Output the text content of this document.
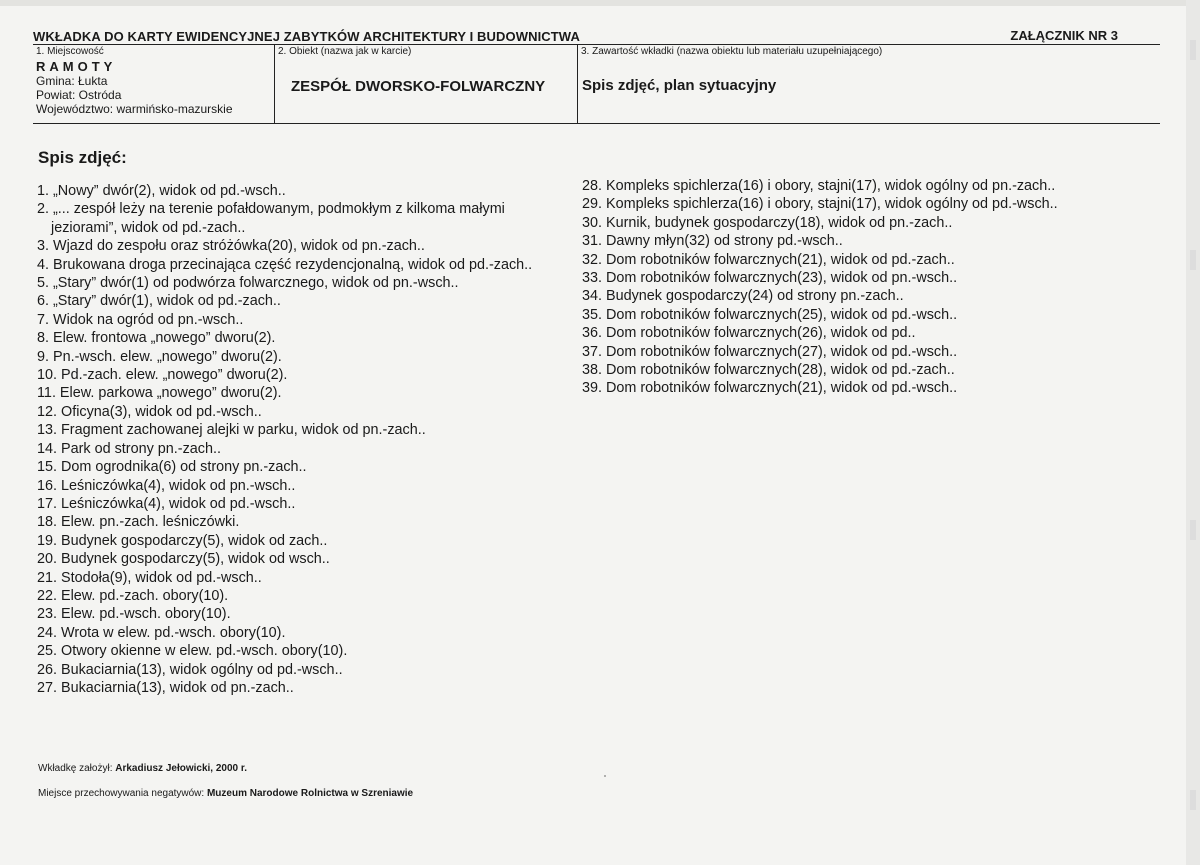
WKŁADKA DO KARTY EWIDENCYJNEJ ZABYTKÓW ARCHITEKTURY I BUDOWNICTWA	ZAŁĄCZNIK NR 3
1. Miejscowość
RAMOTY
Gmina: Łukta
Powiat: Ostróda
Województwo: warmińsko-mazurskie
2. Obiekt (nazwa jak w karcie)
ZESPÓŁ DWORSKO-FOLWARCZNY
3. Zawartość wkładki (nazwa obiektu lub materiału uzupełniającego)
Spis zdjęć, plan sytuacyjny
Spis zdjęć:
1. „Nowy” dwór(2), widok od pd.-wsch..
2. „... zespół leży na terenie pofałdowanym, podmokłym z kilkoma małymi jeziorami”, widok od pd.-zach..
3. Wjazd do zespołu oraz stróżówka(20), widok od pn.-zach..
4. Brukowana droga przecinająca część rezydencjonalną, widok od pd.-zach..
5. „Stary” dwór(1) od podwórza folwarcznego, widok od pn.-wsch..
6. „Stary” dwór(1), widok od pd.-zach..
7. Widok na ogród od pn.-wsch..
8. Elew. frontowa „nowego” dworu(2).
9. Pn.-wsch. elew. „nowego” dworu(2).
10. Pd.-zach. elew. „nowego” dworu(2).
11. Elew. parkowa „nowego” dworu(2).
12. Oficyna(3), widok od pd.-wsch..
13. Fragment zachowanej alejki w parku, widok od pn.-zach..
14. Park od strony pn.-zach..
15. Dom ogrodnika(6) od strony pn.-zach..
16. Leśniczówka(4), widok od pn.-wsch..
17. Leśniczówka(4), widok od pd.-wsch..
18. Elew. pn.-zach. leśniczówki.
19. Budynek gospodarczy(5), widok od zach..
20. Budynek gospodarczy(5), widok od wsch..
21. Stodoła(9), widok od pd.-wsch..
22. Elew. pd.-zach. obory(10).
23. Elew. pd.-wsch. obory(10).
24. Wrota w elew. pd.-wsch. obory(10).
25. Otwory okienne w elew. pd.-wsch. obory(10).
26. Bukaciarnia(13), widok ogólny od pd.-wsch..
27. Bukaciarnia(13), widok od pn.-zach..
28. Kompleks spichlerza(16) i obory, stajni(17), widok ogólny od pn.-zach..
29. Kompleks spichlerza(16) i obory, stajni(17), widok ogólny od pd.-wsch..
30. Kurnik, budynek gospodarczy(18), widok od pn.-zach..
31. Dawny młyn(32) od strony pd.-wsch..
32. Dom robotników folwarcznych(21), widok od pd.-zach..
33. Dom robotników folwarcznych(23), widok od pn.-wsch..
34. Budynek gospodarczy(24) od strony pn.-zach..
35. Dom robotników folwarcznych(25), widok od pd.-wsch..
36. Dom robotników folwarcznych(26), widok od pd..
37. Dom robotników folwarcznych(27), widok od pd.-wsch..
38. Dom robotników folwarcznych(28), widok od pd.-zach..
39. Dom robotników folwarcznych(21), widok od pd.-wsch..
Wkładkę założył: Arkadiusz Jełowicki, 2000 r.
Miejsce przechowywania negatywów: Muzeum Narodowe Rolnictwa w Szreniawie
